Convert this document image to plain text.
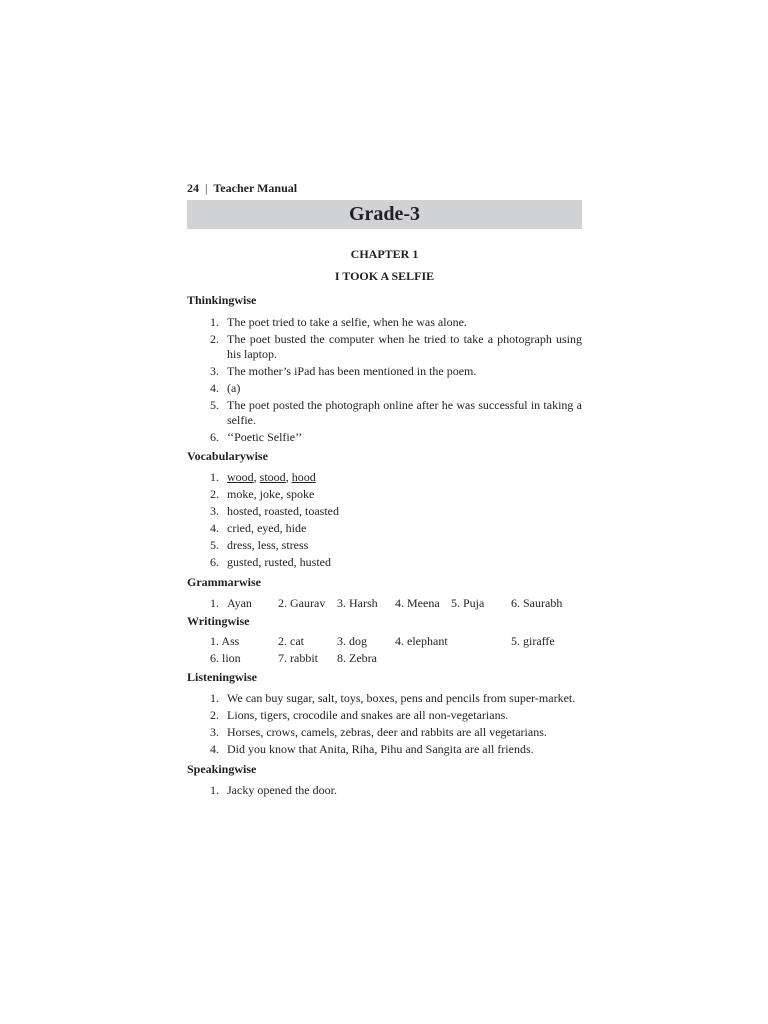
24 | Teacher Manual
Grade-3
CHAPTER 1
I TOOK A SELFIE
Thinkingwise
1. The poet tried to take a selfie, when he was alone.
2. The poet busted the computer when he tried to take a photograph using his laptop.
3. The mother’s iPad has been mentioned in the poem.
4. (a)
5. The poet posted the photograph online after he was successful in taking a selfie.
6. ‘‘Poetic Selfie’’
Vocabularywise
1. wood, stood, hood
2. moke, joke, spoke
3. hosted, roasted, toasted
4. cried, eyed, hide
5. dress, less, stress
6. gusted, rusted, husted
Grammarwise
1. Ayan 2. Gaurav 3. Harsh 4. Meena 5. Puja 6. Saurabh
Writingwise
1. Ass	2. cat	3. dog 4. elephant	5. giraffe
6. lion	7. rabbit 8. Zebra
Listeningwise
1. We can buy sugar, salt, toys, boxes, pens and pencils from super-market.
2. Lions, tigers, crocodile and snakes are all non-vegetarians.
3. Horses, crows, camels, zebras, deer and rabbits are all vegetarians.
4. Did you know that Anita, Riha, Pihu and Sangita are all friends.
Speakingwise
1. Jacky opened the door.
